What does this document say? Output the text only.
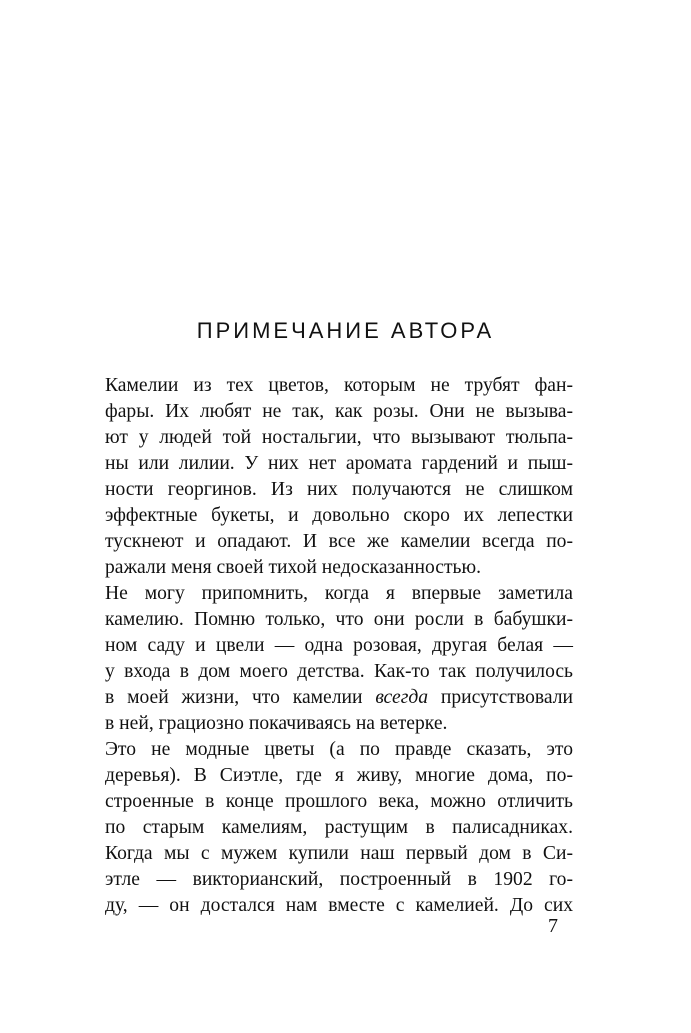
ПРИМЕЧАНИЕ АВТОРА
Камелии из тех цветов, которым не трубят фан-
фары. Их любят не так, как розы. Они не вызыва-
ют у людей той ностальгии, что вызывают тюльпа-
ны или лилии. У них нет аромата гардений и пыш-
ности георгинов. Из них получаются не слишком
эффектные букеты, и довольно скоро их лепестки
тускнеют и опадают. И все же камелии всегда по-
ражали меня своей тихой недосказанностью.
Не могу припомнить, когда я впервые заметила
камелию. Помню только, что они росли в бабушки-
ном саду и цвели — одна розовая, другая белая —
у входа в дом моего детства. Как-то так получилось
в моей жизни, что камелии всегда присутствовали
в ней, грациозно покачиваясь на ветерке.
Это не модные цветы (а по правде сказать, это
деревья). В Сиэтле, где я живу, многие дома, по-
строенные в конце прошлого века, можно отличить
по старым камелиям, растущим в палисадниках.
Когда мы с мужем купили наш первый дом в Си-
этле — викторианский, построенный в 1902 го-
ду, — он достался нам вместе с камелией. До сих
7
